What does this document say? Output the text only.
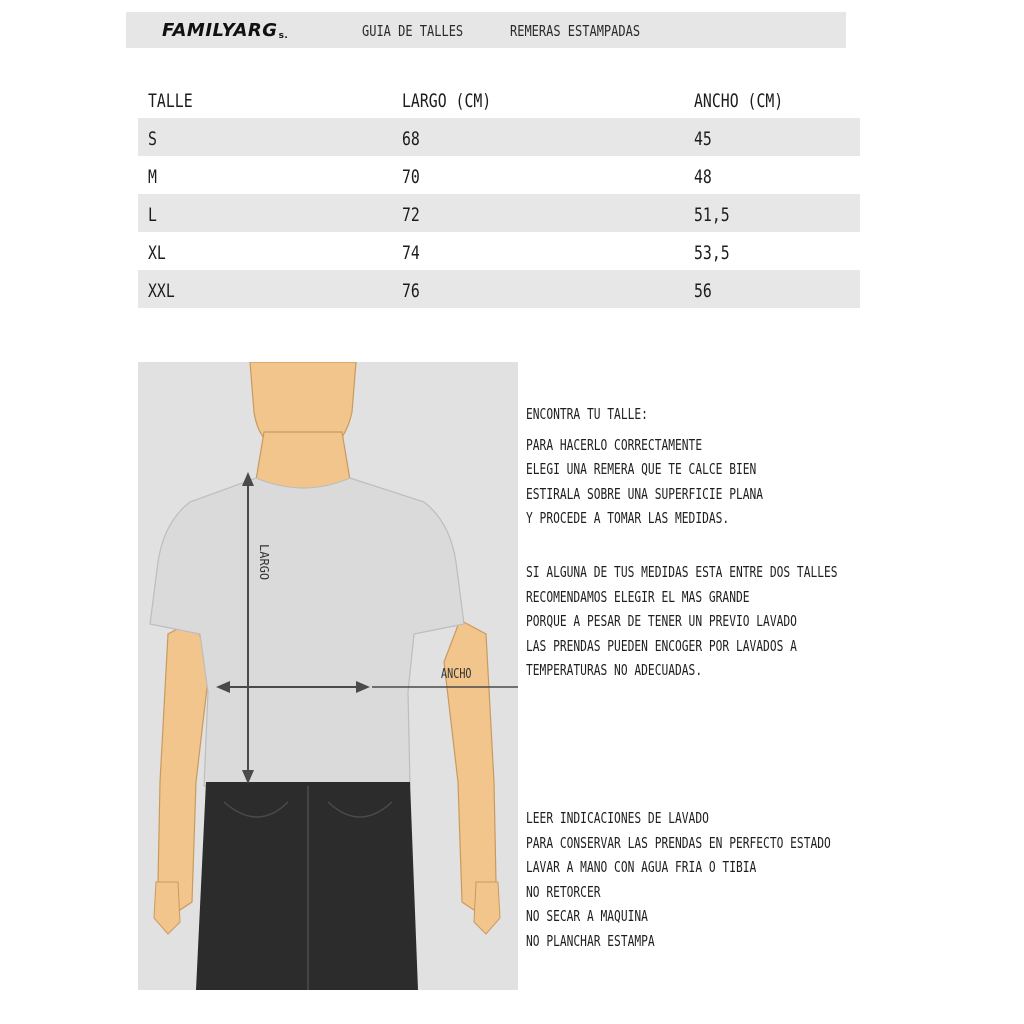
FAMILYARGs.	GUIA DE TALLES	REMERAS ESTAMPADAS
TALLE	LARGO (CM)	ANCHO (CM)
S	68	45
M	70	48
L	72	51,5
XL	74	53,5
XXL	76	56
LARGO
ANCHO
ENCONTRA TU TALLE:
PARA HACERLO CORRECTAMENTE
ELEGI UNA REMERA QUE TE CALCE BIEN
ESTIRALA SOBRE UNA SUPERFICIE PLANA
Y PROCEDE A TOMAR LAS MEDIDAS.
SI ALGUNA DE TUS MEDIDAS ESTA ENTRE DOS TALLES
RECOMENDAMOS ELEGIR EL MAS GRANDE
PORQUE A PESAR DE TENER UN PREVIO LAVADO
LAS PRENDAS PUEDEN ENCOGER POR LAVADOS A
TEMPERATURAS NO ADECUADAS.
LEER INDICACIONES DE LAVADO
PARA CONSERVAR LAS PRENDAS EN PERFECTO ESTADO
LAVAR A MANO CON AGUA FRIA O TIBIA
NO RETORCER
NO SECAR A MAQUINA
NO PLANCHAR ESTAMPA
